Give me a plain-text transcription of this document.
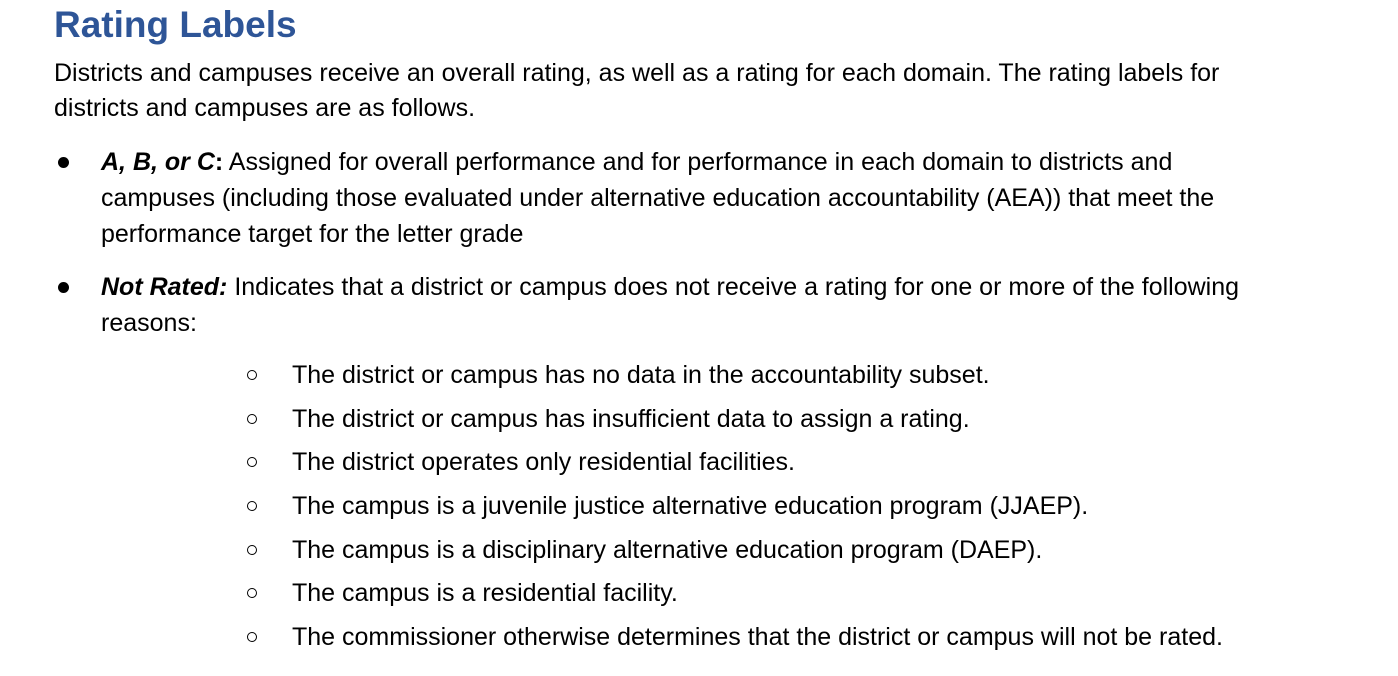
Rating Labels

Districts and campuses receive an overall rating, as well as a rating for each domain. The rating labels for districts and campuses are as follows.

A, B, or C: Assigned for overall performance and for performance in each domain to districts and campuses (including those evaluated under alternative education accountability (AEA)) that meet the performance target for the letter grade
Not Rated: Indicates that a district or campus does not receive a rating for one or more of the following reasons:
The district or campus has no data in the accountability subset.
The district or campus has insufficient data to assign a rating.
The district operates only residential facilities.
The campus is a juvenile justice alternative education program (JJAEP).
The campus is a disciplinary alternative education program (DAEP).
The campus is a residential facility.
The commissioner otherwise determines that the district or campus will not be rated.
